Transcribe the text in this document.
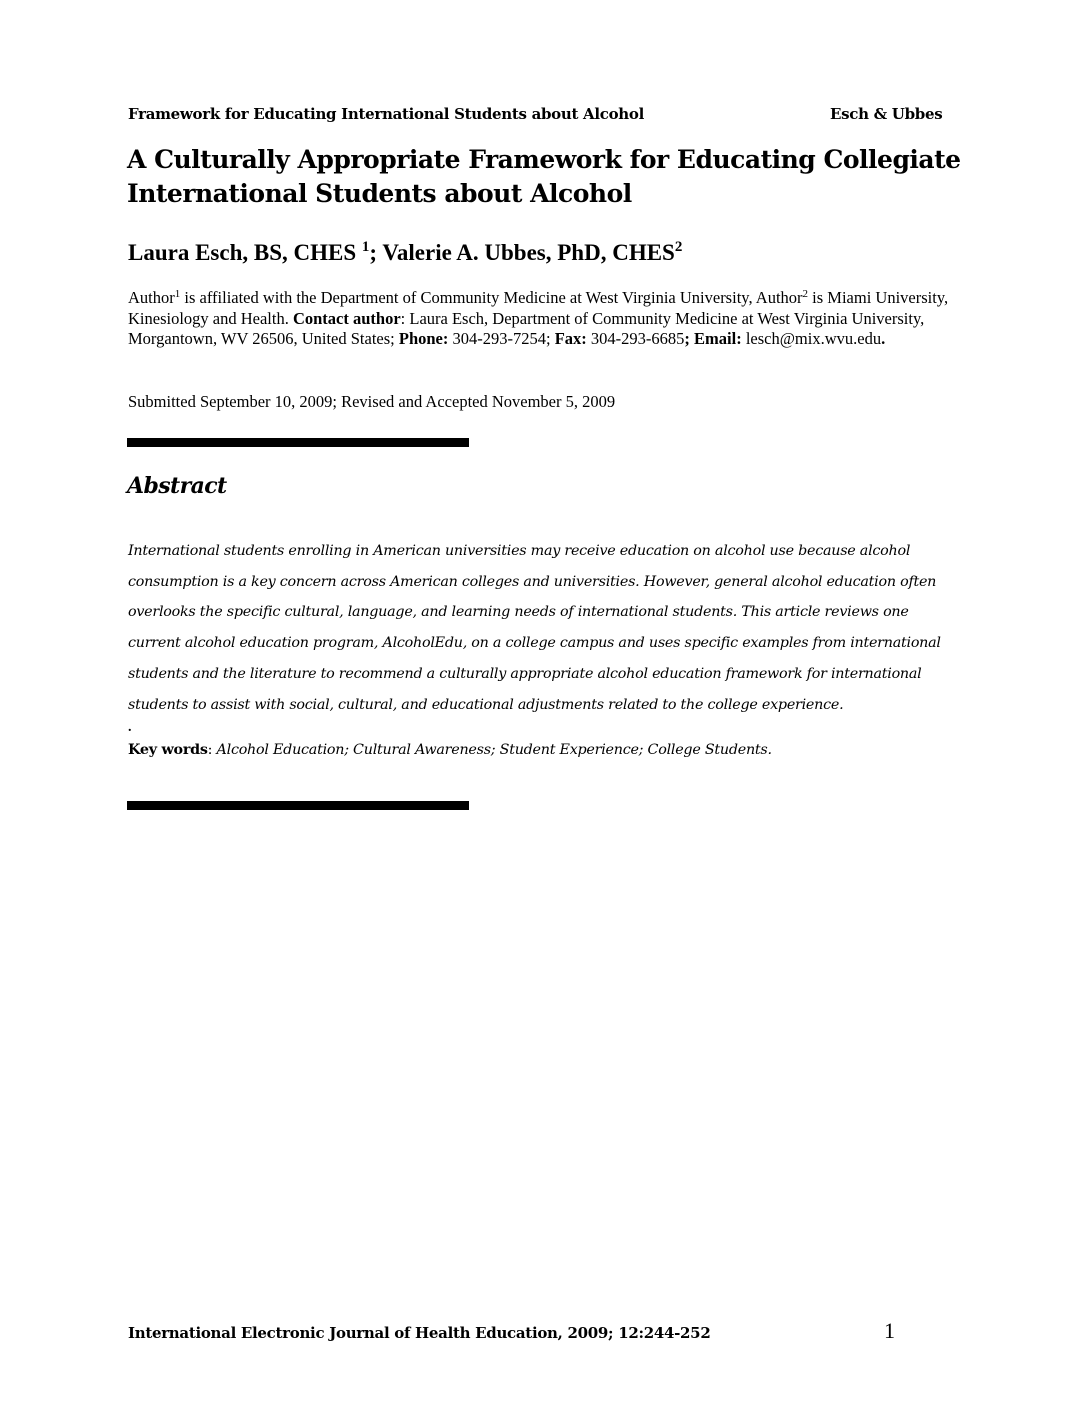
Framework for Educating International Students about Alcohol	Esch & Ubbes
A Culturally Appropriate Framework for Educating Collegiate International Students about Alcohol
Laura Esch, BS, CHES $^1$; Valerie A. Ubbes, PhD, CHES$^2$
Author$^1$ is affiliated with the Department of Community Medicine at West Virginia University, Author$^2$ is Miami University, Kinesiology and Health. Contact author: Laura Esch, Department of Community Medicine at West Virginia University, Morgantown, WV 26506, United States; Phone: 304-293-7254; Fax: 304-293-6685; Email: lesch@mix.wvu.edu.
Submitted September 10, 2009; Revised and Accepted November 5, 2009
Abstract
International students enrolling in American universities may receive education on alcohol use because alcohol consumption is a key concern across American colleges and universities. However, general alcohol education often overlooks the specific cultural, language, and learning needs of international students. This article reviews one current alcohol education program, AlcoholEdu, on a college campus and uses specific examples from international students and the literature to recommend a culturally appropriate alcohol education framework for international students to assist with social, cultural, and educational adjustments related to the college experience.
.
Key words: Alcohol Education; Cultural Awareness; Student Experience; College Students.
International Electronic Journal of Health Education, 2009; 12:244-252	1
